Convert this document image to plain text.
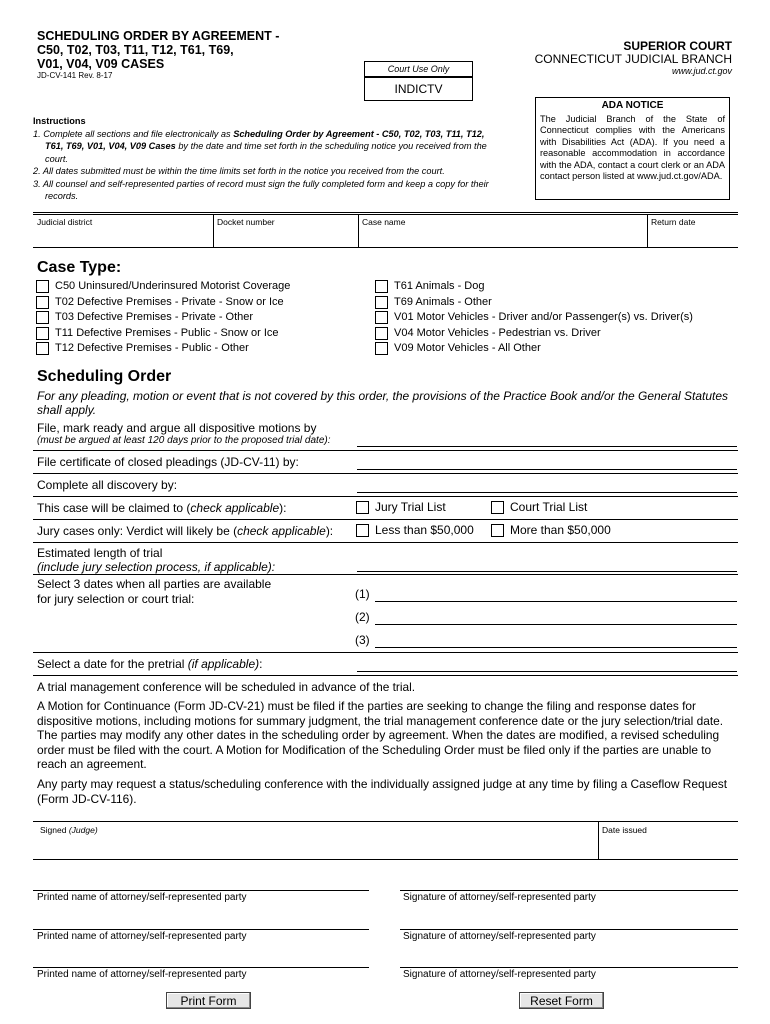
SCHEDULING ORDER BY AGREEMENT -
C50, T02, T03, T11, T12, T61, T69,
V01, V04, V09 CASES
JD-CV-141 Rev. 8-17
Court Use Only
INDICTV
SUPERIOR COURT
CONNECTICUT JUDICIAL BRANCH
www.jud.ct.gov
ADA NOTICE
The Judicial Branch of the State of Connecticut complies with the Americans with Disabilities Act (ADA). If you need a reasonable accommodation in accordance with the ADA, contact a court clerk or an ADA contact person listed at www.jud.ct.gov/ADA.
Instructions
1. Complete all sections and file electronically as Scheduling Order by Agreement - C50, T02, T03, T11, T12, T61, T69, V01, V04, V09 Cases by the date and time set forth in the scheduling notice you received from the court.
2. All dates submitted must be within the time limits set forth in the notice you received from the court.
3. All counsel and self-represented parties of record must sign the fully completed form and keep a copy for their records.
Judicial district	Docket number	Case name	Return date
Case Type:
C50 Uninsured/Underinsured Motorist Coverage
T02 Defective Premises - Private - Snow or Ice
T03 Defective Premises - Private - Other
T11 Defective Premises - Public - Snow or Ice
T12 Defective Premises - Public - Other
T61 Animals - Dog
T69 Animals - Other
V01 Motor Vehicles - Driver and/or Passenger(s) vs. Driver(s)
V04 Motor Vehicles - Pedestrian vs. Driver
V09 Motor Vehicles - All Other
Scheduling Order
For any pleading, motion or event that is not covered by this order, the provisions of the Practice Book and/or the General Statutes shall apply.
File, mark ready and argue all dispositive motions by
(must be argued at least 120 days prior to the proposed trial date):
File certificate of closed pleadings (JD-CV-11) by:
Complete all discovery by:
This case will be claimed to (check applicable):	Jury Trial List	Court Trial List
Jury cases only: Verdict will likely be (check applicable):	Less than $50,000	More than $50,000
Estimated length of trial
(include jury selection process, if applicable):
Select 3 dates when all parties are available
for jury selection or court trial:	(1)
(2)
(3)
Select a date for the pretrial (if applicable):
A trial management conference will be scheduled in advance of the trial.
A Motion for Continuance (Form JD-CV-21) must be filed if the parties are seeking to change the filing and response dates for dispositive motions, including motions for summary judgment, the trial management conference date or the jury selection/trial date. The parties may modify any other dates in the scheduling order by agreement. When the dates are modified, a revised scheduling order must be filed with the court. A Motion for Modification of the Scheduling Order must be filed only if the parties are unable to reach an agreement.
Any party may request a status/scheduling conference with the individually assigned judge at any time by filing a Caseflow Request (Form JD-CV-116).
Signed (Judge)	Date issued
Printed name of attorney/self-represented party	Signature of attorney/self-represented party
Printed name of attorney/self-represented party	Signature of attorney/self-represented party
Printed name of attorney/self-represented party	Signature of attorney/self-represented party
Print Form	Reset Form
